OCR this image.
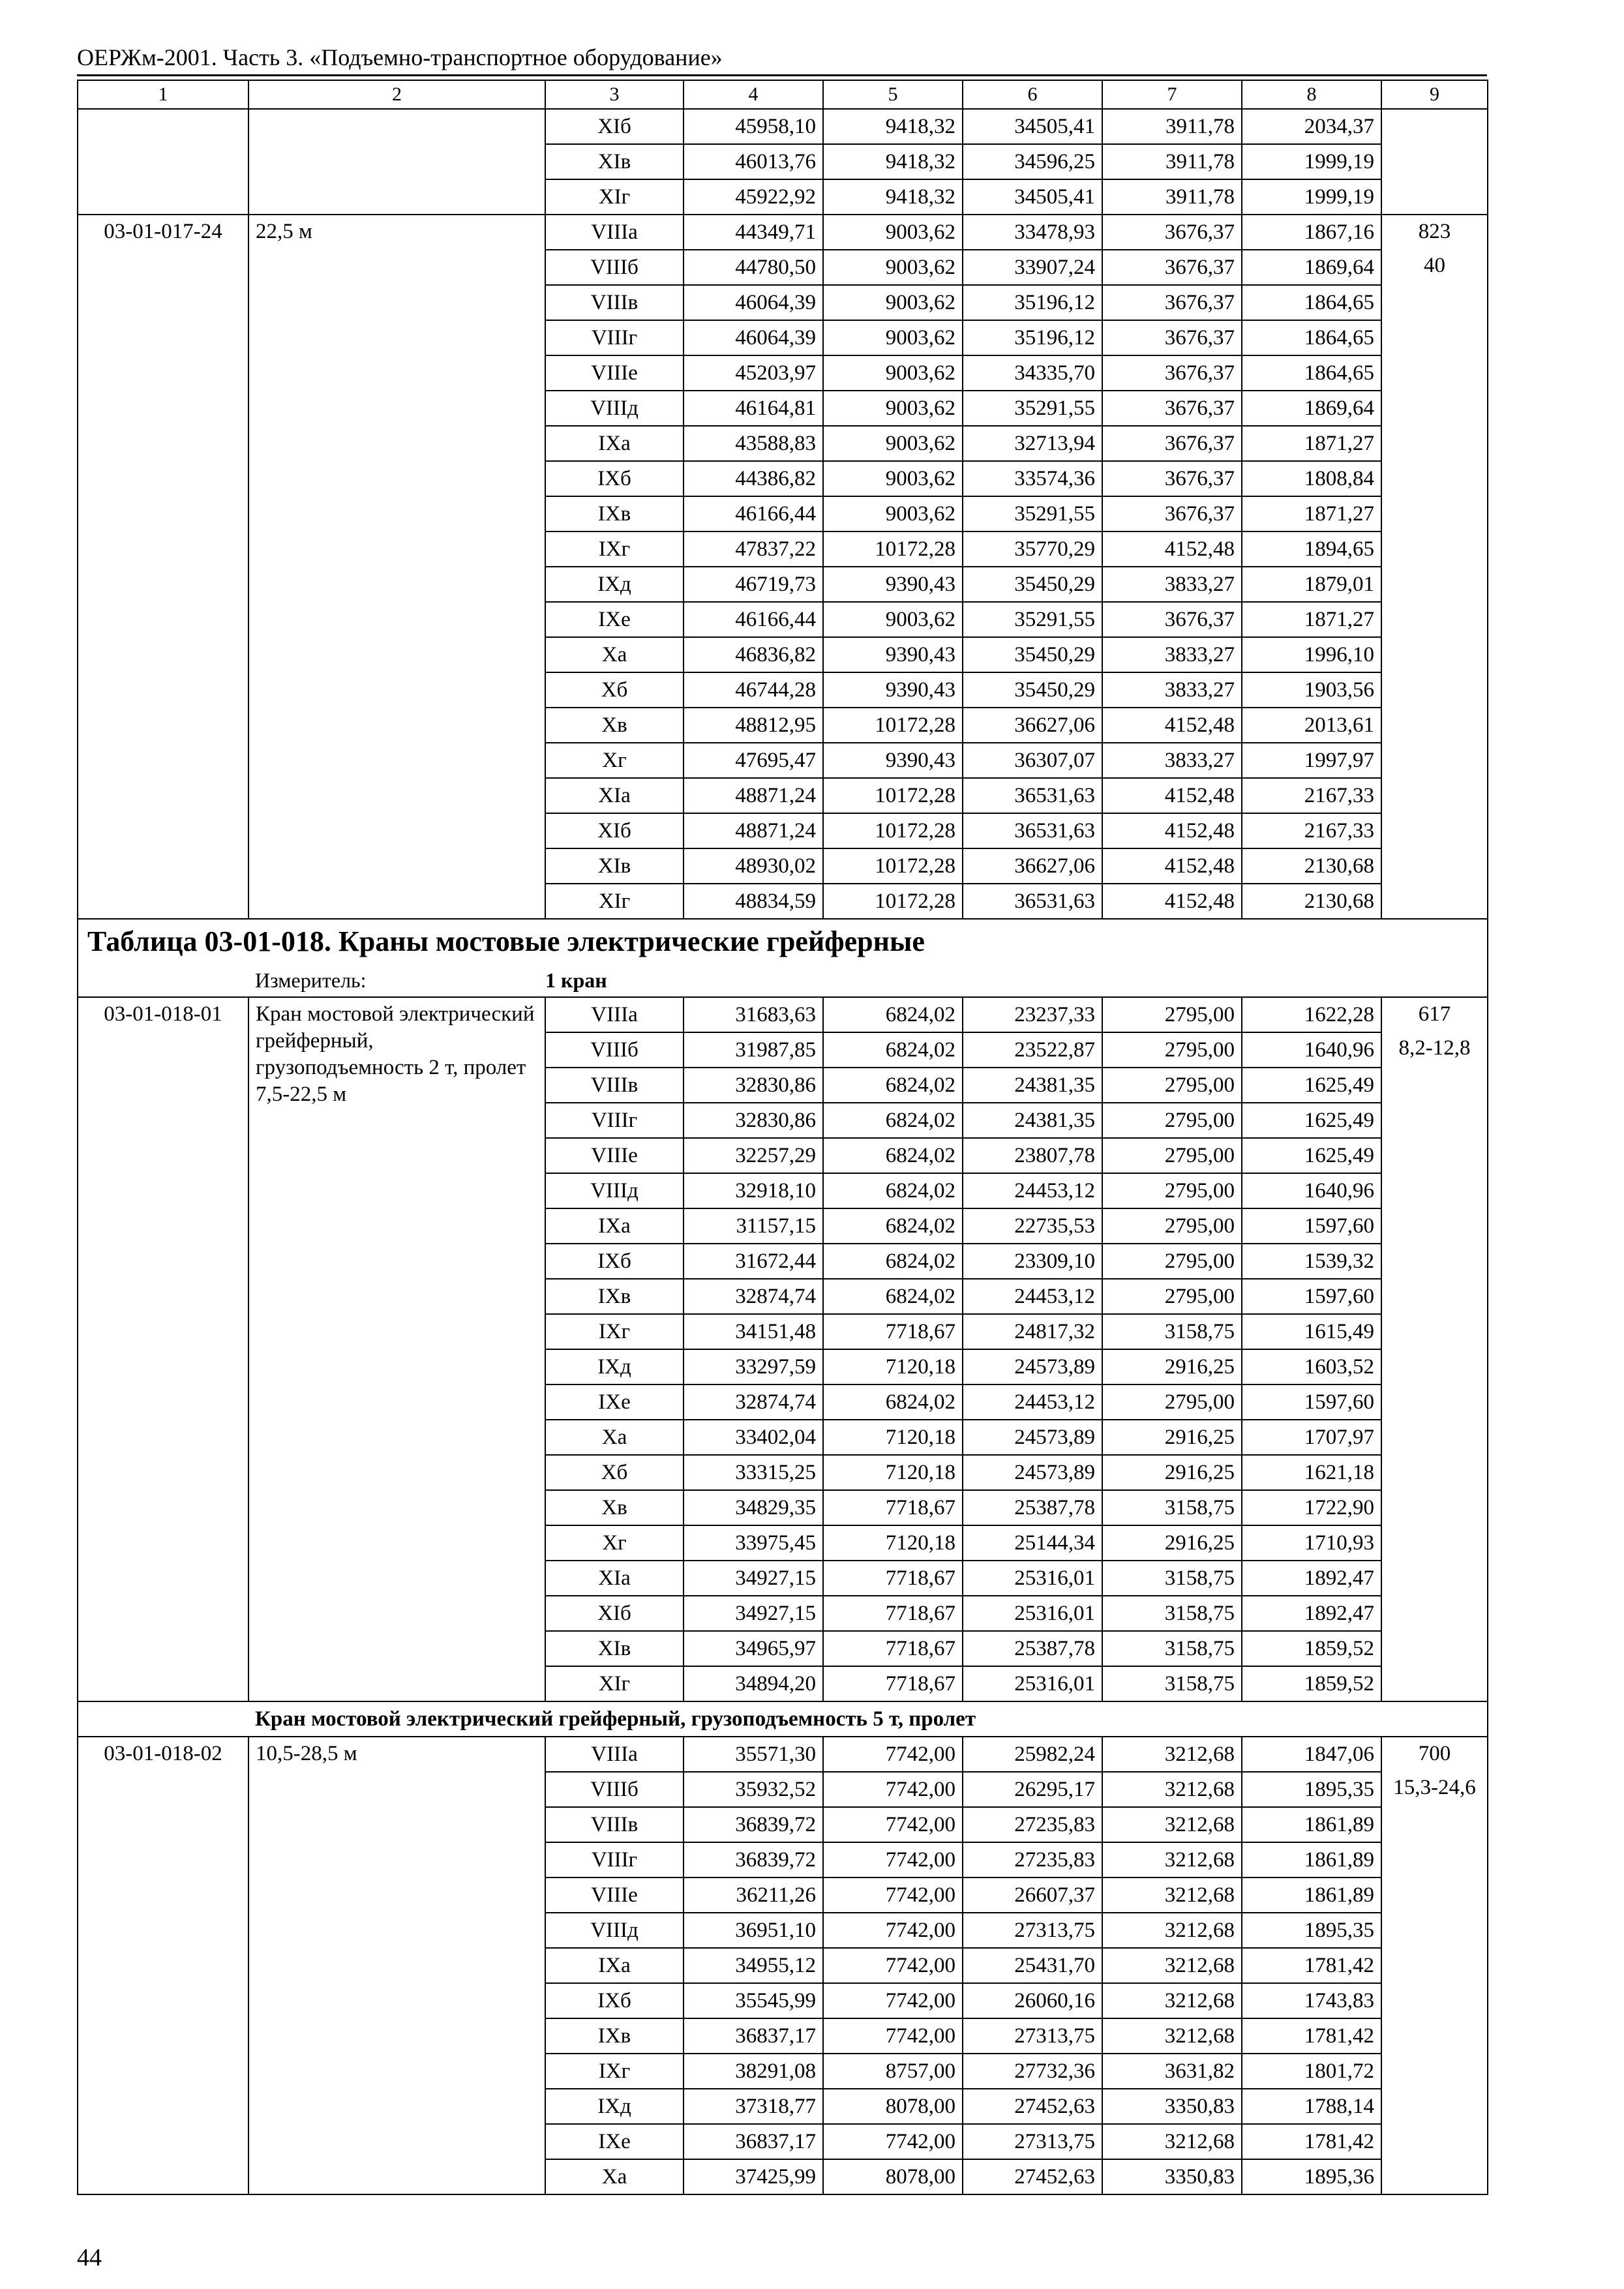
ОЕРЖм-2001. Часть 3. «Подъемно-транспортное оборудование»
1	2	3	4	5	6	7	8	9
		XIб	45958,10	9418,32	34505,41	3911,78	2034,37	
		XIв	46013,76	9418,32	34596,25	3911,78	1999,19	
		XIг	45922,92	9418,32	34505,41	3911,78	1999,19	
03-01-017-24	22,5 м	VIIIа	44349,71	9003,62	33478,93	3676,37	1867,16	823
40

		VIIIб	44780,50	9003,62	33907,24	3676,37	1869,64	
		VIIIв	46064,39	9003,62	35196,12	3676,37	1864,65	
		VIIIг	46064,39	9003,62	35196,12	3676,37	1864,65	
		VIIIе	45203,97	9003,62	34335,70	3676,37	1864,65	
		VIIIд	46164,81	9003,62	35291,55	3676,37	1869,64	
		IXа	43588,83	9003,62	32713,94	3676,37	1871,27	
		IXб	44386,82	9003,62	33574,36	3676,37	1808,84	
		IXв	46166,44	9003,62	35291,55	3676,37	1871,27	
		IXг	47837,22	10172,28	35770,29	4152,48	1894,65	
		IXд	46719,73	9390,43	35450,29	3833,27	1879,01	
		IXе	46166,44	9003,62	35291,55	3676,37	1871,27	
		Xа	46836,82	9390,43	35450,29	3833,27	1996,10	
		Xб	46744,28	9390,43	35450,29	3833,27	1903,56	
		Xв	48812,95	10172,28	36627,06	4152,48	2013,61	
		Xг	47695,47	9390,43	36307,07	3833,27	1997,97	
		XIа	48871,24	10172,28	36531,63	4152,48	2167,33	
		XIб	48871,24	10172,28	36531,63	4152,48	2167,33	
		XIв	48930,02	10172,28	36627,06	4152,48	2130,68	
		XIг	48834,59	10172,28	36531,63	4152,48	2130,68	
Таблица 03-01-018. Краны мостовые электрические грейферные								
	Измеритель:	1 кран						
03-01-018-01	Кран мостовой электрический грейферный, грузоподъемность 2 т, пролет 7,5-22,5 м	VIIIа	31683,63	6824,02	23237,33	2795,00	1622,28	617
8,2-12,8

		VIIIб	31987,85	6824,02	23522,87	2795,00	1640,96	
		VIIIв	32830,86	6824,02	24381,35	2795,00	1625,49	
		VIIIг	32830,86	6824,02	24381,35	2795,00	1625,49	
		VIIIе	32257,29	6824,02	23807,78	2795,00	1625,49	
		VIIIд	32918,10	6824,02	24453,12	2795,00	1640,96	
		IXа	31157,15	6824,02	22735,53	2795,00	1597,60	
		IXб	31672,44	6824,02	23309,10	2795,00	1539,32	
		IXв	32874,74	6824,02	24453,12	2795,00	1597,60	
		IXг	34151,48	7718,67	24817,32	3158,75	1615,49	
		IXд	33297,59	7120,18	24573,89	2916,25	1603,52	
		IXе	32874,74	6824,02	24453,12	2795,00	1597,60	
		Xа	33402,04	7120,18	24573,89	2916,25	1707,97	
		Xб	33315,25	7120,18	24573,89	2916,25	1621,18	
		Xв	34829,35	7718,67	25387,78	3158,75	1722,90	
		Xг	33975,45	7120,18	25144,34	2916,25	1710,93	
		XIа	34927,15	7718,67	25316,01	3158,75	1892,47	
		XIб	34927,15	7718,67	25316,01	3158,75	1892,47	
		XIв	34965,97	7718,67	25387,78	3158,75	1859,52	
		XIг	34894,20	7718,67	25316,01	3158,75	1859,52	
	Кран мостовой электрический грейферный, грузоподъемность 5 т, пролет							
03-01-018-02	10,5-28,5 м	VIIIа	35571,30	7742,00	25982,24	3212,68	1847,06	700
15,3-24,6

		VIIIб	35932,52	7742,00	26295,17	3212,68	1895,35	
		VIIIв	36839,72	7742,00	27235,83	3212,68	1861,89	
		VIIIг	36839,72	7742,00	27235,83	3212,68	1861,89	
		VIIIе	36211,26	7742,00	26607,37	3212,68	1861,89	
		VIIIд	36951,10	7742,00	27313,75	3212,68	1895,35	
		IXа	34955,12	7742,00	25431,70	3212,68	1781,42	
		IXб	35545,99	7742,00	26060,16	3212,68	1743,83	
		IXв	36837,17	7742,00	27313,75	3212,68	1781,42	
		IXг	38291,08	8757,00	27732,36	3631,82	1801,72	
		IXд	37318,77	8078,00	27452,63	3350,83	1788,14	
		IXе	36837,17	7742,00	27313,75	3212,68	1781,42	
		Xа	37425,99	8078,00	27452,63	3350,83	1895,36	
44
